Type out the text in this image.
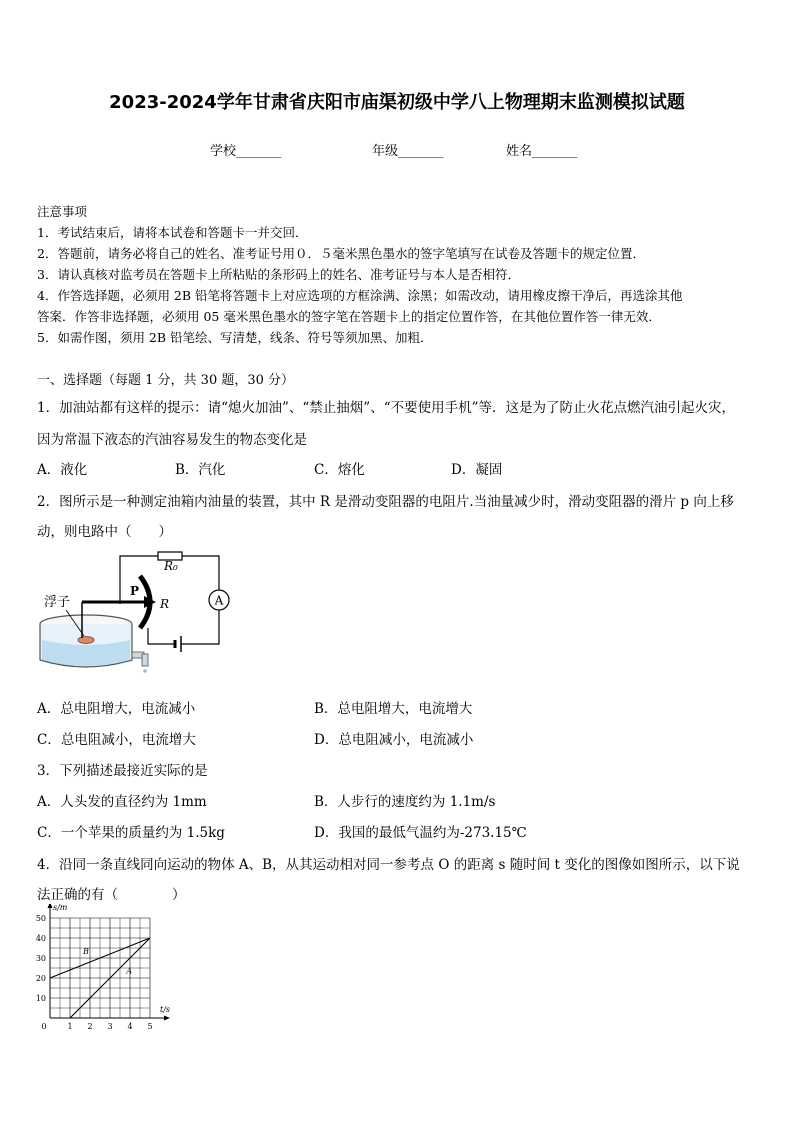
2023-2024学年甘肃省庆阳市庙渠初级中学八上物理期末监测模拟试题
学校_______	年级_______	姓名_______
注意事项
1．考试结束后，请将本试卷和答题卡一并交回．
2．答题前，请务必将自己的姓名、准考证号用０．５毫米黑色墨水的签字笔填写在试卷及答题卡的规定位置．
3．请认真核对监考员在答题卡上所粘贴的条形码上的姓名、准考证号与本人是否相符．
4．作答选择题，必须用 2B 铅笔将答题卡上对应选项的方框涂满、涂黑；如需改动，请用橡皮擦干净后，再选涂其他
答案．作答非选择题，必须用 05 毫米黑色墨水的签字笔在答题卡上的指定位置作答，在其他位置作答一律无效．
5．如需作图，须用 2B 铅笔绘、写清楚，线条、符号等须加黑、加粗．
一、选择题（每题 1 分，共 30 题，30 分）
1．加油站都有这样的提示：请“熄火加油”、“禁止抽烟”、“不要使用手机”等．这是为了防止火花点燃汽油引起火灾，
因为常温下液态的汽油容易发生的物态变化是
A．液化	B．汽化	C．熔化	D．凝固
2．图所示是一种测定油箱内油量的装置，其中 R 是滑动变阻器的电阻片.当油量减少时，滑动变阻器的滑片 p 向上移
动，则电路中（　　）
A
P
R
R₀
浮子
A．总电阻增大，电流减小	B．总电阻增大，电流增大
C．总电阻减小，电流增大	D．总电阻减小，电流减小
3．下列描述最接近实际的是
A．人头发的直径约为 1mm	B．人步行的速度约为 1.1m/s
C．一个苹果的质量约为 1.5kg	D．我国的最低气温约为-273.15℃
4．沿同一条直线同向运动的物体 A、B，从其运动相对同一参考点 O 的距离 s 随时间 t 变化的图像如图所示，以下说
法正确的有（　　　　）
t/s
s/m
0	1 2 3 4 5
10
20
30
40
50
B
A
